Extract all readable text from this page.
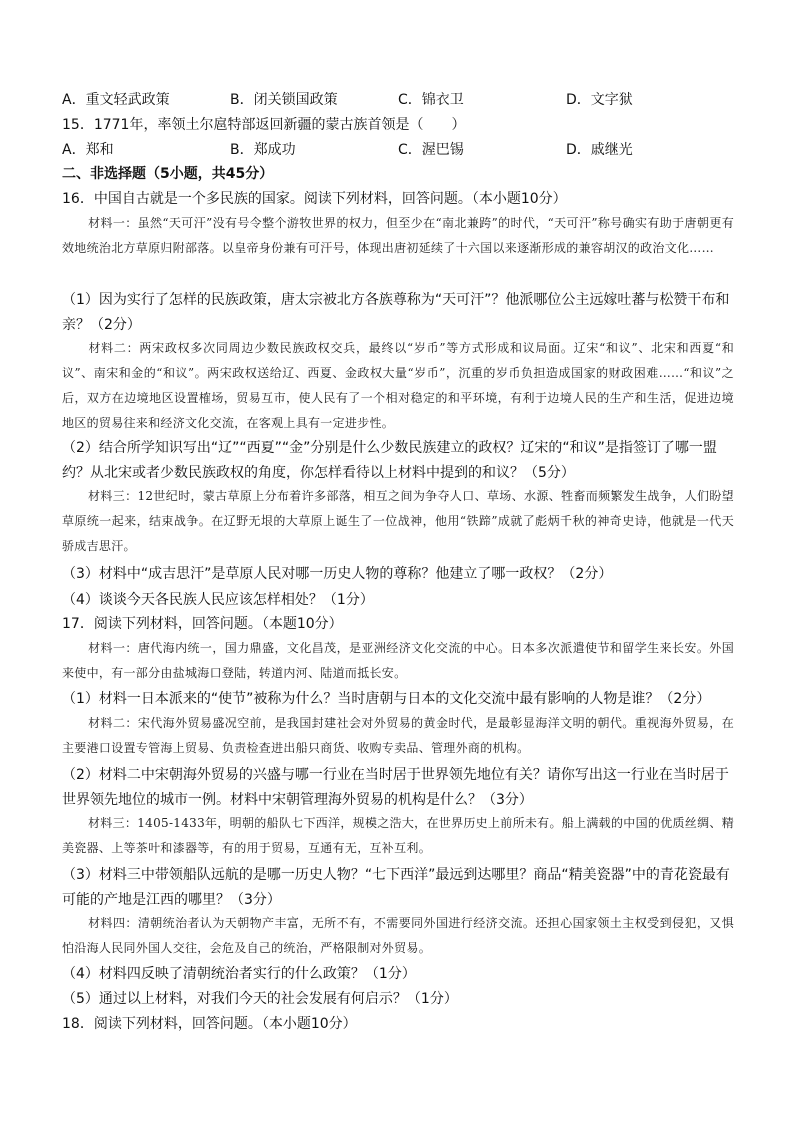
A．重文轻武政策	B．闭关锁国政策	C．锦衣卫	D．文字狱
15．1771年，率领土尔扈特部返回新疆的蒙古族首领是（　　）
A．郑和	B．郑成功	C．渥巴锡	D．戚继光
二、非选择题（5小题，共45分）
16．中国自古就是一个多民族的国家。阅读下列材料，回答问题。（本小题10分）
材料一：虽然“天可汗”没有号令整个游牧世界的权力，但至少在“南北兼跨”的时代，“天可汗”称号确实有助于唐朝更有效地统治北方草原归附部落。以皇帝身份兼有可汗号，体现出唐初延续了十六国以来逐渐形成的兼容胡汉的政治文化……
（1）因为实行了怎样的民族政策，唐太宗被北方各族尊称为“天可汗”？他派哪位公主远嫁吐蕃与松赞干布和亲？（2分）
材料二：两宋政权多次同周边少数民族政权交兵，最终以“岁币”等方式形成和议局面。辽宋“和议”、北宋和西夏“和议”、南宋和金的“和议”。两宋政权送给辽、西夏、金政权大量“岁币”，沉重的岁币负担造成国家的财政困难……“和议”之后，双方在边境地区设置榷场，贸易互市，使人民有了一个相对稳定的和平环境，有利于边境人民的生产和生活，促进边境地区的贸易往来和经济文化交流，在客观上具有一定进步性。
（2）结合所学知识写出“辽”“西夏”“金”分别是什么少数民族建立的政权？辽宋的“和议”是指签订了哪一盟约？从北宋或者少数民族政权的角度，你怎样看待以上材料中提到的和议？（5分）
材料三：12世纪时，蒙古草原上分布着许多部落，相互之间为争夺人口、草场、水源、牲畜而频繁发生战争，人们盼望草原统一起来，结束战争。在辽野无垠的大草原上诞生了一位战神，他用“铁蹄”成就了彪炳千秋的神奇史诗，他就是一代天骄成吉思汗。
（3）材料中“成吉思汗”是草原人民对哪一历史人物的尊称？他建立了哪一政权？（2分）
（4）谈谈今天各民族人民应该怎样相处？（1分）
17．阅读下列材料，回答问题。（本题10分）
材料一：唐代海内统一，国力鼎盛，文化昌茂，是亚洲经济文化交流的中心。日本多次派遣使节和留学生来长安。外国来使中，有一部分由盐城海口登陆，转道内河、陆道而抵长安。
（1）材料一日本派来的“使节”被称为什么？当时唐朝与日本的文化交流中最有影响的人物是谁？（2分）
材料二：宋代海外贸易盛况空前，是我国封建社会对外贸易的黄金时代，是最彰显海洋文明的朝代。重视海外贸易，在主要港口设置专管海上贸易、负责检查进出船只商货、收购专卖品、管理外商的机构。
（2）材料二中宋朝海外贸易的兴盛与哪一行业在当时居于世界领先地位有关？请你写出这一行业在当时居于世界领先地位的城市一例。材料中宋朝管理海外贸易的机构是什么？（3分）
材料三：1405-1433年，明朝的船队七下西洋，规模之浩大，在世界历史上前所未有。船上满载的中国的优质丝绸、精美瓷器、上等茶叶和漆器等，有的用于贸易，互通有无，互补互利。
（3）材料三中带领船队远航的是哪一历史人物？“七下西洋”最远到达哪里？商品“精美瓷器”中的青花瓷最有可能的产地是江西的哪里？（3分）
材料四：清朝统治者认为天朝物产丰富，无所不有，不需要同外国进行经济交流。还担心国家领土主权受到侵犯，又惧怕沿海人民同外国人交往，会危及自己的统治，严格限制对外贸易。
（4）材料四反映了清朝统治者实行的什么政策？（1分）
（5）通过以上材料，对我们今天的社会发展有何启示？（1分）
18．阅读下列材料，回答问题。（本小题10分）
